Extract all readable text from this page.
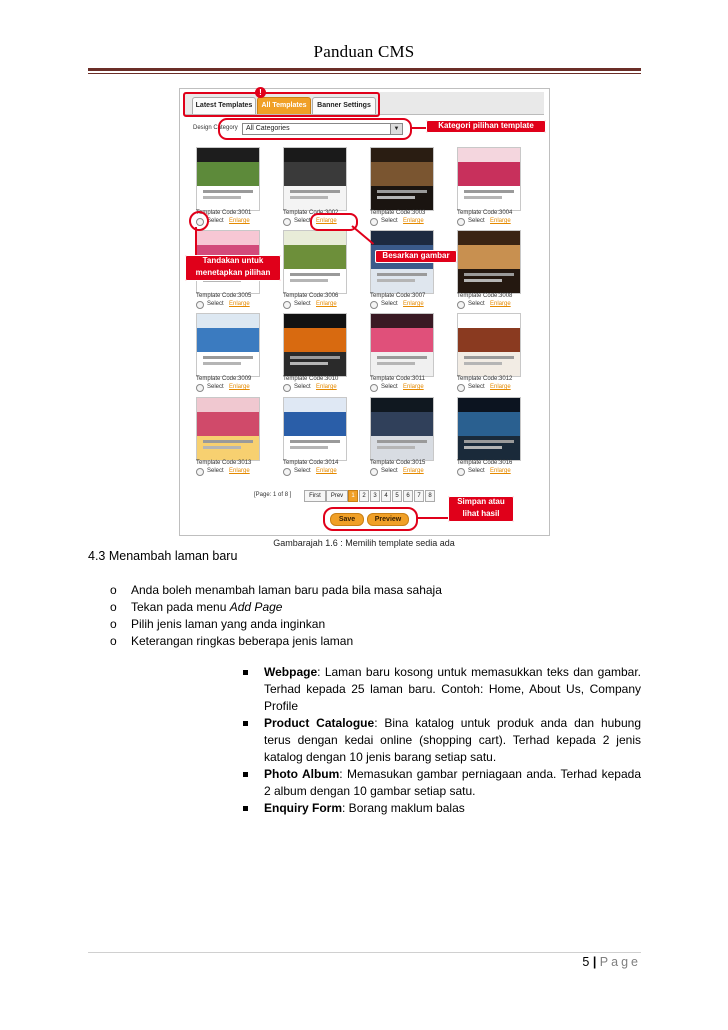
Panduan CMS
Latest Templates	All Templates	Banner Settings
!
Design Category	All Categories	▼	Kategori pilihan template
Template Code:3001
Select Enlarge
Template Code:3002
Select Enlarge
Template Code:3003
Select Enlarge
Template Code:3004
Select Enlarge
Template Code:3005
Select Enlarge
Template Code:3006
Select Enlarge
Template Code:3007
Select Enlarge
Template Code:3008
Select Enlarge
Template Code:3009
Select Enlarge
Template Code:3010
Select Enlarge
Template Code:3011
Select Enlarge
Template Code:3012
Select Enlarge
Template Code:3013
Select Enlarge
Template Code:3014
Select Enlarge
Template Code:3015
Select Enlarge
Template Code:3016
Select Enlarge
Tandakan untuk menetapkan pilihan
Besarkan gambar
[Page: 1 of 8 ]	First	Prev	1	2	3	4	5	6	7	8
Simpan atau lihat hasil
Save	Preview
Gambarajah 1.6 : Memilih template sedia ada
4.3 Menambah laman baru
o Anda boleh menambah laman baru pada bila masa sahaja
o Tekan pada menu Add Page
o Pilih jenis laman yang anda inginkan
o Keterangan ringkas beberapa jenis laman
Webpage: Laman baru kosong untuk memasukkan teks dan gambar. Terhad kepada 25 laman baru. Contoh: Home, About Us, Company Profile
Product Catalogue: Bina katalog untuk produk anda dan hubung terus dengan kedai online (shopping cart). Terhad kepada 2 jenis katalog dengan 10 jenis barang setiap satu.
Photo Album: Memasukan gambar perniagaan anda. Terhad kepada 2 album dengan 10 gambar setiap satu.
Enquiry Form: Borang maklum balas
5 | Page
